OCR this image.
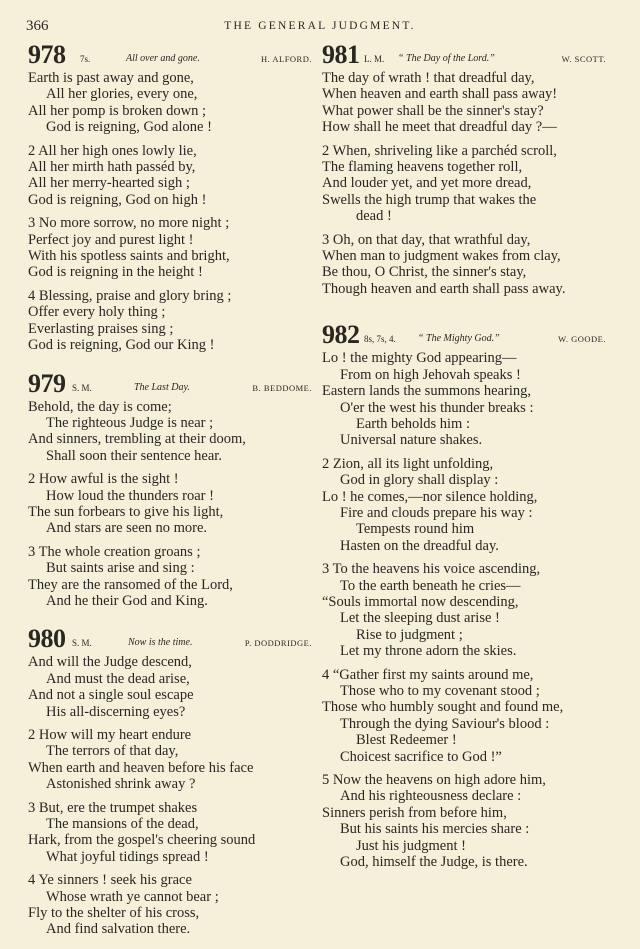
366	THE GENERAL JUDGMENT.
978 7s.	All over and gone.	H. ALFORD.
Earth is past away and gone,
All her glories, every one,
All her pomp is broken down ;
God is reigning, God alone !
2 All her high ones lowly lie,
All her mirth hath passéd by,
All her merry-hearted sigh ;
God is reigning, God on high !
3 No more sorrow, no more night ;
Perfect joy and purest light !
With his spotless saints and bright,
God is reigning in the height !
4 Blessing, praise and glory bring ;
Offer every holy thing ;
Everlasting praises sing ;
God is reigning, God our King !
979 S. M.	The Last Day.	B. BEDDOME.
Behold, the day is come;
The righteous Judge is near ;
And sinners, trembling at their doom,
Shall soon their sentence hear.
2 How awful is the sight !
How loud the thunders roar !
The sun forbears to give his light,
And stars are seen no more.
3 The whole creation groans ;
But saints arise and sing :
They are the ransomed of the Lord,
And he their God and King.
980 S. M.	Now is the time.	P. DODDRIDGE.
And will the Judge descend,
And must the dead arise,
And not a single soul escape
His all-discerning eyes?
2 How will my heart endure
The terrors of that day,
When earth and heaven before his face
Astonished shrink away ?
3 But, ere the trumpet shakes
The mansions of the dead,
Hark, from the gospel's cheering sound
What joyful tidings spread !
4 Ye sinners ! seek his grace
Whose wrath ye cannot bear ;
Fly to the shelter of his cross,
And find salvation there.
981 L. M. “ The Day of the Lord.”	W. SCOTT.
The day of wrath ! that dreadful day,
When heaven and earth shall pass away!
What power shall be the sinner's stay?
How shall he meet that dreadful day ?—
2 When, shriveling like a parchéd scroll,
The flaming heavens together roll,
And louder yet, and yet more dread,
Swells the high trump that wakes the
dead !
3 Oh, on that day, that wrathful day,
When man to judgment wakes from clay,
Be thou, O Christ, the sinner's stay,
Though heaven and earth shall pass away.
982 8s, 7s, 4. “ The Mighty God.”	W. GOODE.
Lo ! the mighty God appearing—
From on high Jehovah speaks !
Eastern lands the summons hearing,
O'er the west his thunder breaks :
Earth beholds him :
Universal nature shakes.
2 Zion, all its light unfolding,
God in glory shall display :
Lo ! he comes,—nor silence holding,
Fire and clouds prepare his way :
Tempests round him
Hasten on the dreadful day.
3 To the heavens his voice ascending,
To the earth beneath he cries—
“Souls immortal now descending,
Let the sleeping dust arise !
Rise to judgment ;
Let my throne adorn the skies.
4 “Gather first my saints around me,
Those who to my covenant stood ;
Those who humbly sought and found me,
Through the dying Saviour's blood :
Blest Redeemer !
Choicest sacrifice to God !”
5 Now the heavens on high adore him,
And his righteousness declare :
Sinners perish from before him,
But his saints his mercies share :
Just his judgment !
God, himself the Judge, is there.
